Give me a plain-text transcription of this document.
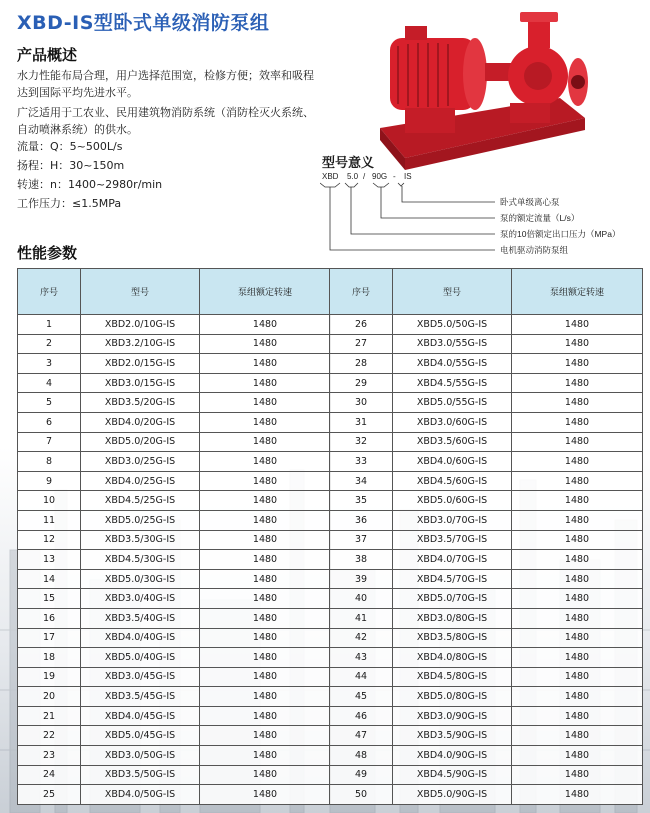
XBD-IS型卧式单级消防泵组
产品概述
水力性能布局合理，用户选择范围宽，检修方便；效率和吸程
达到国际平均先进水平。
广泛适用于工农业、民用建筑物消防系统（消防栓灭火系统、
自动喷淋系统）的供水。
流量：Q：5~500L/s
扬程：H：30~150m
转速：n：1400~2980r/min
工作压力：≤1.5MPa
型号意义
XBD 5.0 / 90G - IS
卧式单级离心泵
泵的额定流量（L/s）
泵的10倍额定出口压力（MPa）
电机驱动消防泵组
性能参数
序号	型号	泵组额定转速
1	XBD2.0/10G-IS	1480
2	XBD3.2/10G-IS	1480
3	XBD2.0/15G-IS	1480
4	XBD3.0/15G-IS	1480
5	XBD3.5/20G-IS	1480
6	XBD4.0/20G-IS	1480
7	XBD5.0/20G-IS	1480
8	XBD3.0/25G-IS	1480
9	XBD4.0/25G-IS	1480
10	XBD4.5/25G-IS	1480
11	XBD5.0/25G-IS	1480
12	XBD3.5/30G-IS	1480
13	XBD4.5/30G-IS	1480
14	XBD5.0/30G-IS	1480
15	XBD3.0/40G-IS	1480
16	XBD3.5/40G-IS	1480
17	XBD4.0/40G-IS	1480
18	XBD5.0/40G-IS	1480
19	XBD3.0/45G-IS	1480
20	XBD3.5/45G-IS	1480
21	XBD4.0/45G-IS	1480
22	XBD5.0/45G-IS	1480
23	XBD3.0/50G-IS	1480
24	XBD3.5/50G-IS	1480
25	XBD4.0/50G-IS	1480
序号	型号	泵组额定转速
26	XBD5.0/50G-IS	1480
27	XBD3.0/55G-IS	1480
28	XBD4.0/55G-IS	1480
29	XBD4.5/55G-IS	1480
30	XBD5.0/55G-IS	1480
31	XBD3.0/60G-IS	1480
32	XBD3.5/60G-IS	1480
33	XBD4.0/60G-IS	1480
34	XBD4.5/60G-IS	1480
35	XBD5.0/60G-IS	1480
36	XBD3.0/70G-IS	1480
37	XBD3.5/70G-IS	1480
38	XBD4.0/70G-IS	1480
39	XBD4.5/70G-IS	1480
40	XBD5.0/70G-IS	1480
41	XBD3.0/80G-IS	1480
42	XBD3.5/80G-IS	1480
43	XBD4.0/80G-IS	1480
44	XBD4.5/80G-IS	1480
45	XBD5.0/80G-IS	1480
46	XBD3.0/90G-IS	1480
47	XBD3.5/90G-IS	1480
48	XBD4.0/90G-IS	1480
49	XBD4.5/90G-IS	1480
50	XBD5.0/90G-IS	1480
